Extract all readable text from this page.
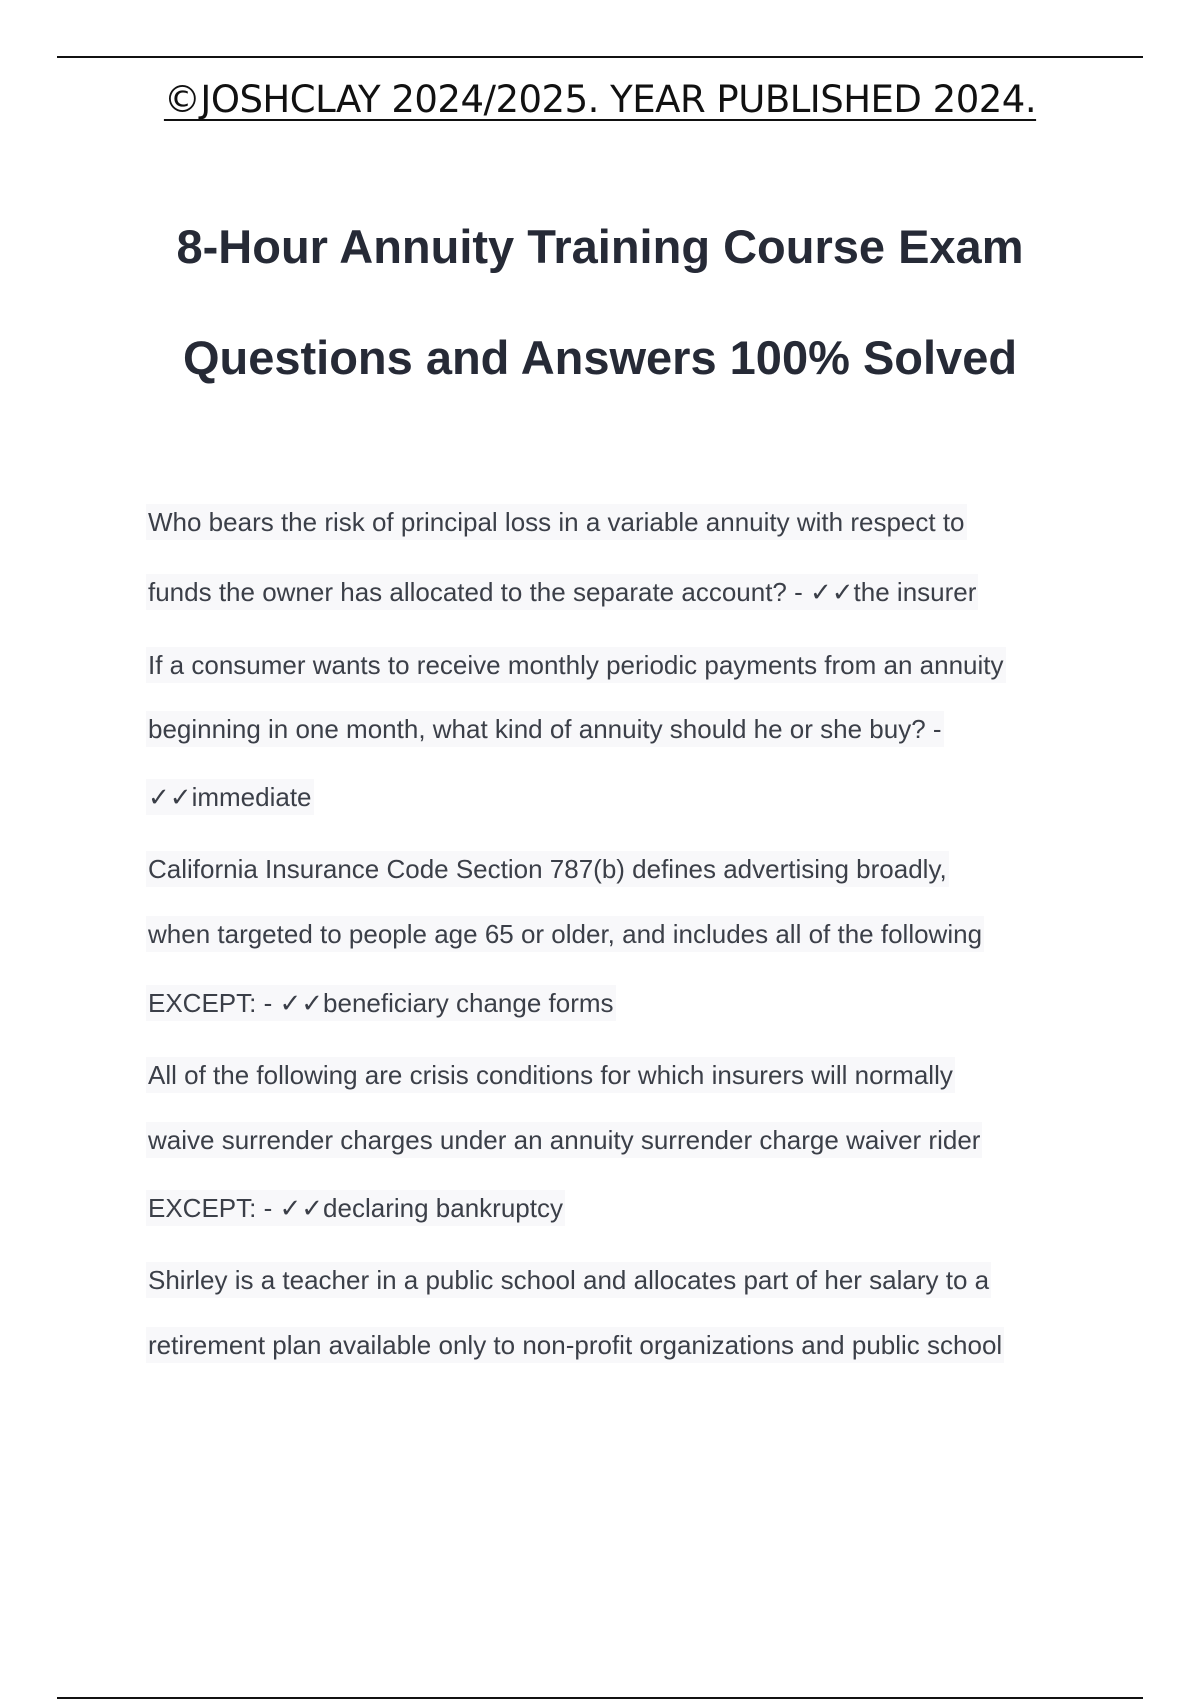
©JOSHCLAY 2024/2025. YEAR PUBLISHED 2024.
8-Hour Annuity Training Course Exam
Questions and Answers 100% Solved
Who bears the risk of principal loss in a variable annuity with respect to
funds the owner has allocated to the separate account? - ✓✓the insurer
If a consumer wants to receive monthly periodic payments from an annuity
beginning in one month, what kind of annuity should he or she buy? -
✓✓immediate
California Insurance Code Section 787(b) defines advertising broadly,
when targeted to people age 65 or older, and includes all of the following
EXCEPT: - ✓✓beneficiary change forms
All of the following are crisis conditions for which insurers will normally
waive surrender charges under an annuity surrender charge waiver rider
EXCEPT: - ✓✓declaring bankruptcy
Shirley is a teacher in a public school and allocates part of her salary to a
retirement plan available only to non-profit organizations and public school
